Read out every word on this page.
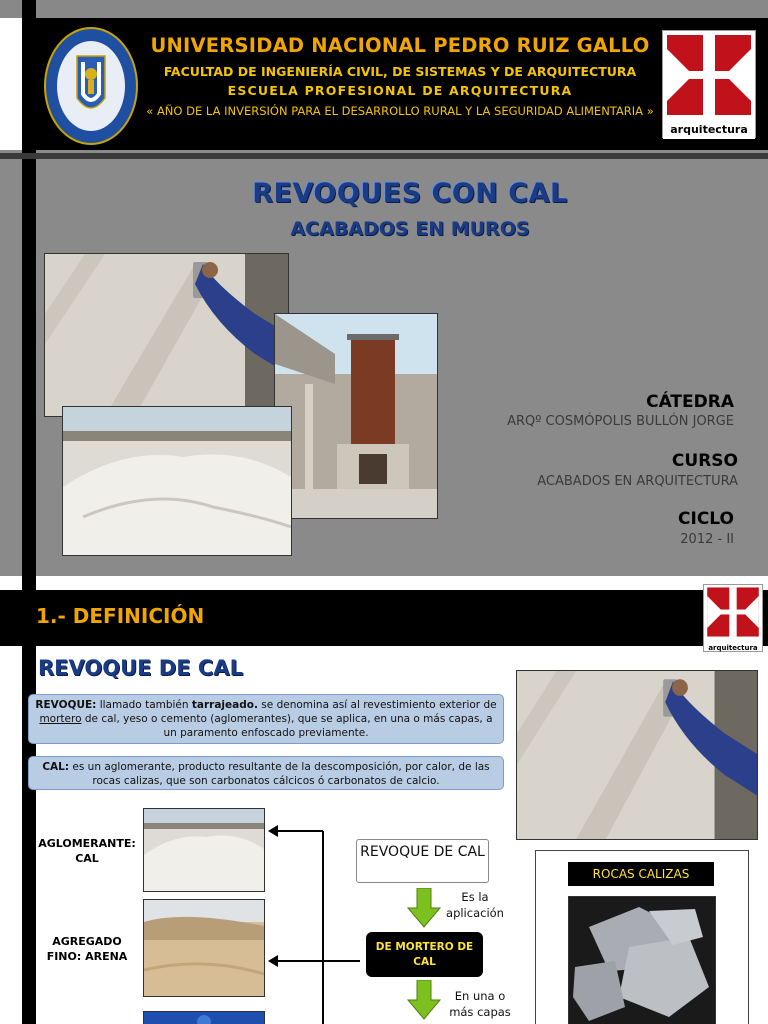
UNIVERSIDAD NACIONAL PEDRO RUIZ GALLO
FACULTAD DE INGENIERÍA CIVIL, DE SISTEMAS Y DE ARQUITECTURA
ESCUELA PROFESIONAL DE ARQUITECTURA
« AÑO DE LA INVERSIÓN PARA EL DESARROLLO RURAL Y LA SEGURIDAD ALIMENTARIA »
arquitectura
REVOQUES CON CAL
ACABADOS EN MUROS
CÁTEDRA
ARQº COSMÓPOLIS BULLÓN JORGE
CURSO
ACABADOS EN ARQUITECTURA
CICLO
2012 - II
1.- DEFINICIÓN
arquitectura
REVOQUE DE CAL
REVOQUE: llamado también tarrajeado. se denomina así al revestimiento exterior de mortero de cal, yeso o cemento (aglomerantes), que se aplica, en una o más capas, a un paramento enfoscado previamente.
CAL: es un aglomerante, producto resultante de la descomposición, por calor, de las rocas calizas, que son carbonatos cálcicos ó carbonatos de calcio.
AGLOMERANTE: CAL
AGREGADO FINO: ARENA
REVOQUE DE CAL
Es la aplicación
DE MORTERO DE CAL
En una o más capas
ROCAS CALIZAS
